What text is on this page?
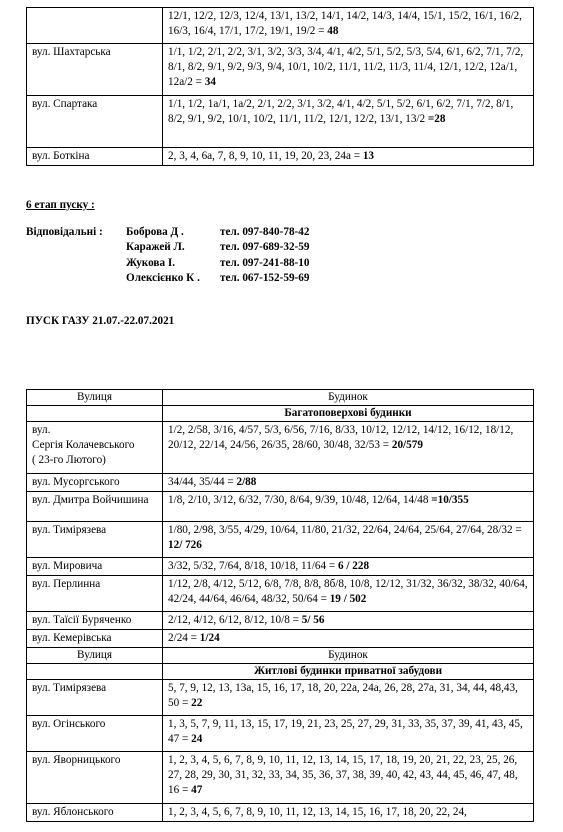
	12/1, 12/2, 12/3, 12/4, 13/1, 13/2, 14/1, 14/2, 14/3, 14/4, 15/1, 15/2, 16/1, 16/2, 16/3, 16/4, 17/1, 17/2, 19/1, 19/2 = 48
вул. Шахтарська	1/1, 1/2, 2/1, 2/2, 3/1, 3/2, 3/3, 3/4, 4/1, 4/2, 5/1, 5/2, 5/3, 5/4, 6/1, 6/2, 7/1, 7/2, 8/1, 8/2, 9/1, 9/2, 9/3, 9/4, 10/1, 10/2, 11/1, 11/2, 11/3, 11/4, 12/1, 12/2, 12а/1, 12а/2 = 34
вул. Спартака	1/1, 1/2, 1а/1, 1а/2, 2/1, 2/2, 3/1, 3/2, 4/1, 4/2, 5/1, 5/2, 6/1, 6/2, 7/1, 7/2, 8/1, 8/2, 9/1, 9/2, 10/1, 10/2, 11/1, 11/2, 12/1, 12/2, 13/1, 13/2 =28
вул. Боткіна	2, 3, 4, 6а, 7, 8, 9, 10, 11, 19, 20, 23, 24а = 13
6 етап пуску :
Відповідальні : Боброва Д .	тел. 097-840-78-42
Каражей Л.	тел. 097-689-32-59
Жукова І.	тел. 097-241-88-10
Олексієнко К . тел. 067-152-59-69
ПУСК ГАЗУ 21.07.-22.07.2021
Вулиця	Будинок
	Багатоповерхові будинки
вул.
Сергія Колачевського
( 23-го Лютого)	1/2, 2/58, 3/16, 4/57, 5/3, 6/56, 7/16, 8/33, 10/12, 12/12, 14/12, 16/12, 18/12, 20/12, 22/14, 24/56, 26/35, 28/60, 30/48, 32/53 = 20/579
вул. Мусоргського	34/44, 35/44 = 2/88
вул. Дмитра Войчишина	1/8, 2/10, 3/12, 6/32, 7/30, 8/64, 9/39, 10/48, 12/64, 14/48 =10/355
вул. Тимірязева	1/80, 2/98, 3/55, 4/29, 10/64, 11/80, 21/32, 22/64, 24/64, 25/64, 27/64, 28/32 = 12/ 726
вул. Мировича	3/32, 5/32, 7/64, 8/18, 10/18, 11/64 = 6 / 228
вул. Перлинна	1/12, 2/8, 4/12, 5/12, 6/8, 7/8, 8/8, 8б/8, 10/8, 12/12, 31/32, 36/32, 38/32, 40/64, 42/24, 44/64, 46/64, 48/32, 50/64 = 19 / 502
вул. Таїсії Буряченко	2/12, 4/12, 6/12, 8/12, 10/8 = 5/ 56
вул. Кемерівська	2/24 = 1/24
Вулиця	Будинок
	Житлові будинки приватної забудови
вул. Тимірязева	5, 7, 9, 12, 13, 13а, 15, 16, 17, 18, 20, 22а, 24а, 26, 28, 27а, 31, 34, 44, 48,43, 50 = 22
вул. Огінського	1, 3, 5, 7, 9, 11, 13, 15, 17, 19, 21, 23, 25, 27, 29, 31, 33, 35, 37, 39, 41, 43, 45, 47 = 24
вул. Яворницького	1, 2, 3, 4, 5, 6, 7, 8, 9, 10, 11, 12, 13, 14, 15, 17, 18, 19, 20, 21, 22, 23, 25, 26, 27, 28, 29, 30, 31, 32, 33, 34, 35, 36, 37, 38, 39, 40, 42, 43, 44, 45, 46, 47, 48, 16 = 47
вул. Яблонського	1, 2, 3, 4, 5, 6, 7, 8, 9, 10, 11, 12, 13, 14, 15, 16, 17, 18, 20, 22, 24,
